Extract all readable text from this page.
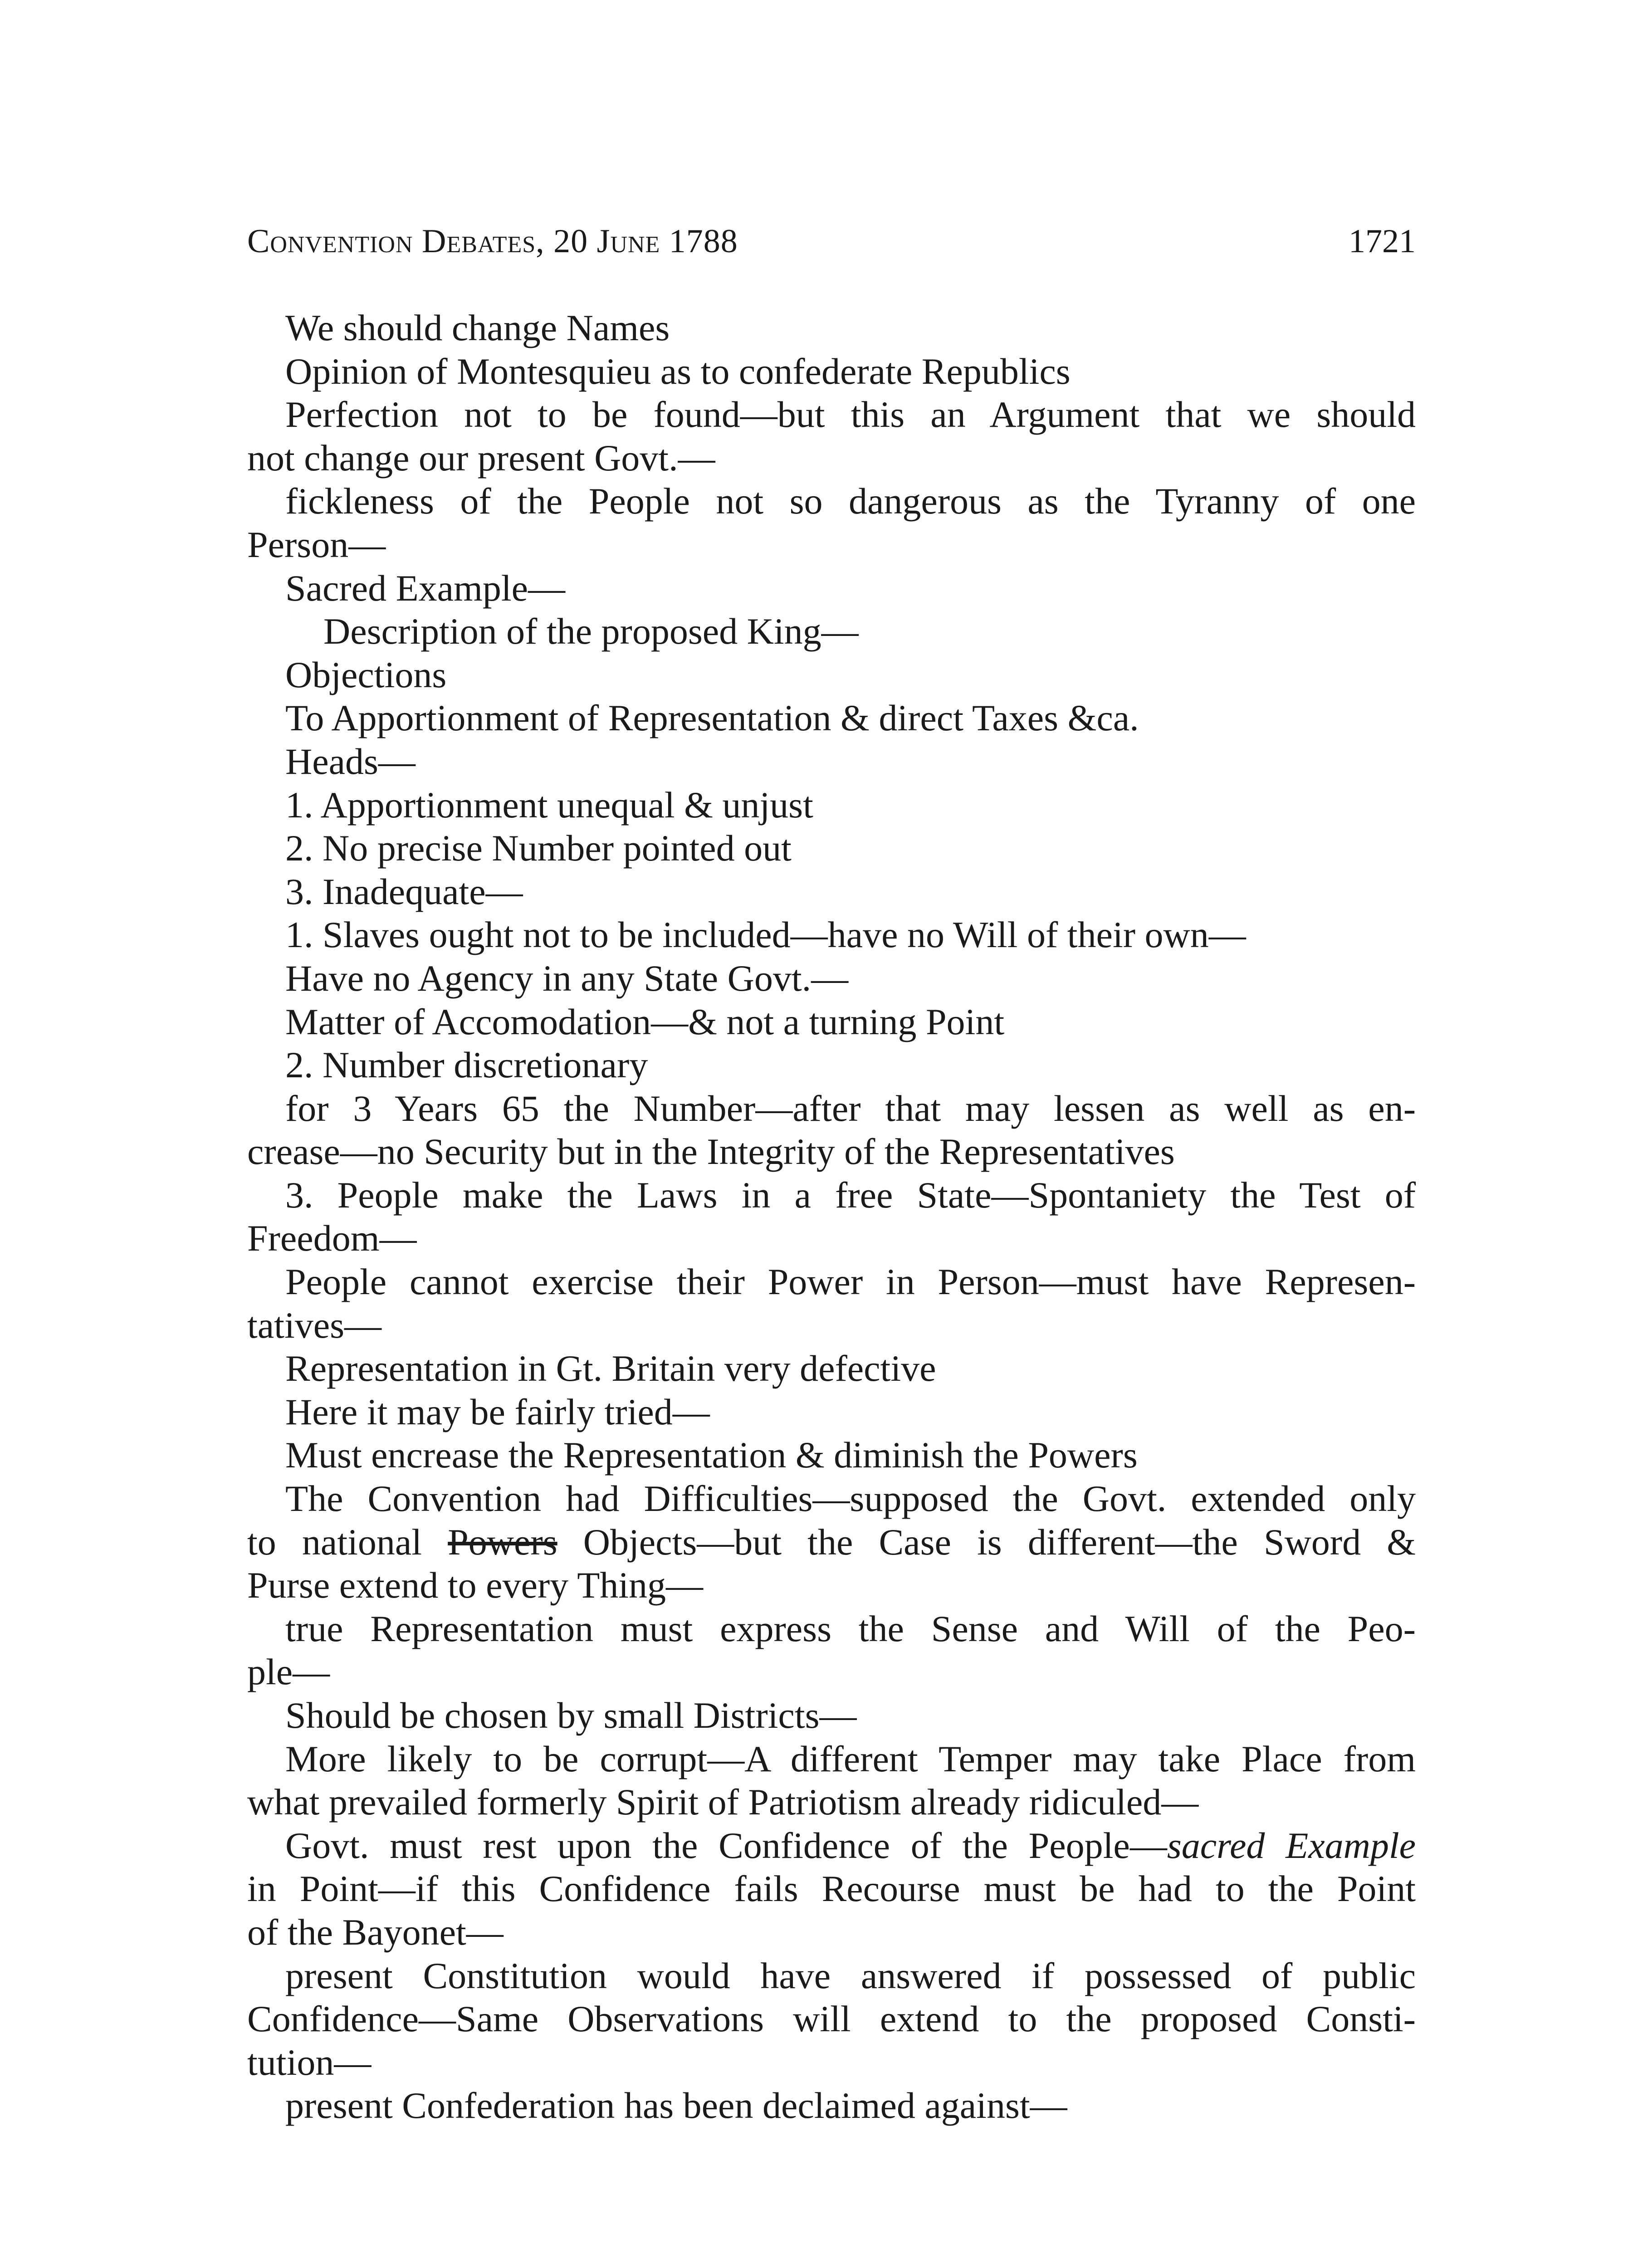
Convention Debates, 20 June 1788	1721
We should change Names
Opinion of Montesquieu as to confederate Republics
Perfection not to be found—but this an Argument that we should
not change our present Govt.—
fickleness of the People not so dangerous as the Tyranny of one
Person—
Sacred Example—
Description of the proposed King—
Objections
To Apportionment of Representation & direct Taxes &ca.
Heads—
1. Apportionment unequal & unjust
2. No precise Number pointed out
3. Inadequate—
1. Slaves ought not to be included—have no Will of their own—
Have no Agency in any State Govt.—
Matter of Accomodation—& not a turning Point
2. Number discretionary
for 3 Years 65 the Number—after that may lessen as well as en-
crease—no Security but in the Integrity of the Representatives
3. People make the Laws in a free State—Spontaniety the Test of
Freedom—
People cannot exercise their Power in Person—must have Represen-
tatives—
Representation in Gt. Britain very defective
Here it may be fairly tried—
Must encrease the Representation & diminish the Powers
The Convention had Difficulties—supposed the Govt. extended only
to national Powers Objects—but the Case is different—the Sword &
Purse extend to every Thing—
true Representation must express the Sense and Will of the Peo-
ple—
Should be chosen by small Districts—
More likely to be corrupt—A different Temper may take Place from
what prevailed formerly Spirit of Patriotism already ridiculed—
Govt. must rest upon the Confidence of the People—sacred Example
in Point—if this Confidence fails Recourse must be had to the Point
of the Bayonet—
present Constitution would have answered if possessed of public
Confidence—Same Observations will extend to the proposed Consti-
tution—
present Confederation has been declaimed against—
